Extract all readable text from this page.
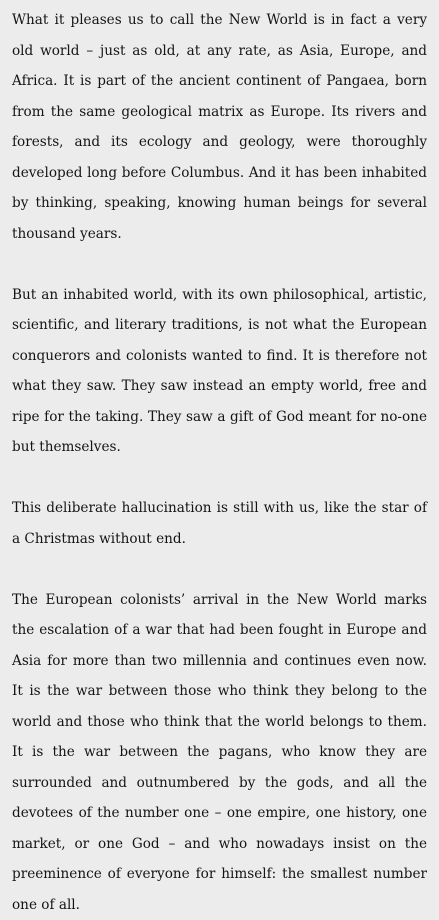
What it pleases us to call the New World is in fact a very old world – just as old, at any rate, as Asia, Europe, and Africa. It is part of the ancient continent of Pangaea, born from the same geological matrix as Europe. Its rivers and forests, and its ecology and geology, were thoroughly developed long before Columbus. And it has been inhabited by thinking, speaking, knowing human beings for several thousand years.

But an inhabited world, with its own philosophical, artistic, scientific, and literary traditions, is not what the European conquerors and colonists wanted to find. It is therefore not what they saw. They saw instead an empty world, free and ripe for the taking. They saw a gift of God meant for no-one but themselves.

This deliberate hallucination is still with us, like the star of a Christmas without end.

The European colonists’ arrival in the New World marks the escalation of a war that had been fought in Europe and Asia for more than two millennia and continues even now. It is the war between those who think they belong to the world and those who think that the world belongs to them. It is the war between the pagans, who know they are surrounded and outnumbered by the gods, and all the devotees of the number one – one empire, one history, one market, or one God – and who nowadays insist on the preeminence of everyone for himself: the smallest number one of all.
